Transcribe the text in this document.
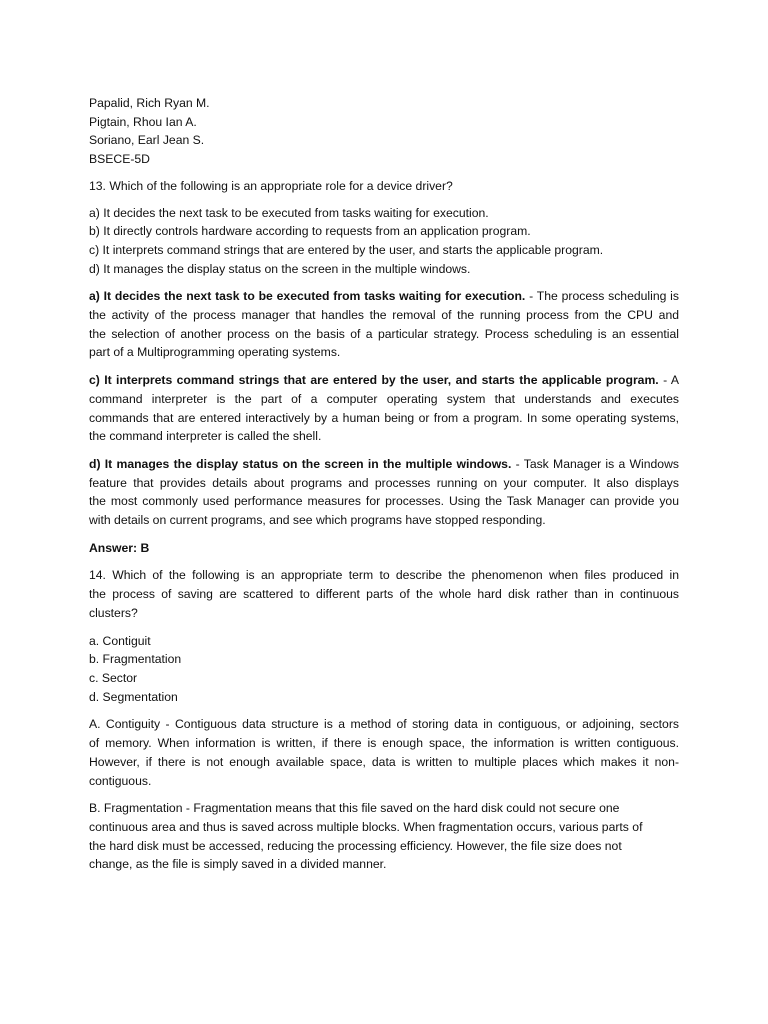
Papalid, Rich Ryan M.
Pigtain, Rhou Ian A.
Soriano, Earl Jean S.
BSECE-5D
13. Which of the following is an appropriate role for a device driver?
a) It decides the next task to be executed from tasks waiting for execution.
b) It directly controls hardware according to requests from an application program.
c) It interprets command strings that are entered by the user, and starts the applicable program.
d) It manages the display status on the screen in the multiple windows.
a) It decides the next task to be executed from tasks waiting for execution. - The process scheduling is
the activity of the process manager that handles the removal of the running process from the CPU and
the selection of another process on the basis of a particular strategy. Process scheduling is an essential
part of a Multiprogramming operating systems.
c) It interprets command strings that are entered by the user, and starts the applicable program. - A
command interpreter is the part of a computer operating system that understands and executes
commands that are entered interactively by a human being or from a program. In some operating systems,
the command interpreter is called the shell.
d) It manages the display status on the screen in the multiple windows. - Task Manager is a Windows
feature that provides details about programs and processes running on your computer. It also displays
the most commonly used performance measures for processes. Using the Task Manager can provide you
with details on current programs, and see which programs have stopped responding.
Answer: B
14. Which of the following is an appropriate term to describe the phenomenon when files produced in
the process of saving are scattered to different parts of the whole hard disk rather than in continuous
clusters?
a. Contiguit
b. Fragmentation
c. Sector
d. Segmentation
A. Contiguity - Contiguous data structure is a method of storing data in contiguous, or adjoining, sectors
of memory. When information is written, if there is enough space, the information is written contiguous.
However, if there is not enough available space, data is written to multiple places which makes it non-
contiguous.
B. Fragmentation - Fragmentation means that this file saved on the hard disk could not secure one
continuous area and thus is saved across multiple blocks. When fragmentation occurs, various parts of
the hard disk must be accessed, reducing the processing efficiency. However, the file size does not
change, as the file is simply saved in a divided manner.
